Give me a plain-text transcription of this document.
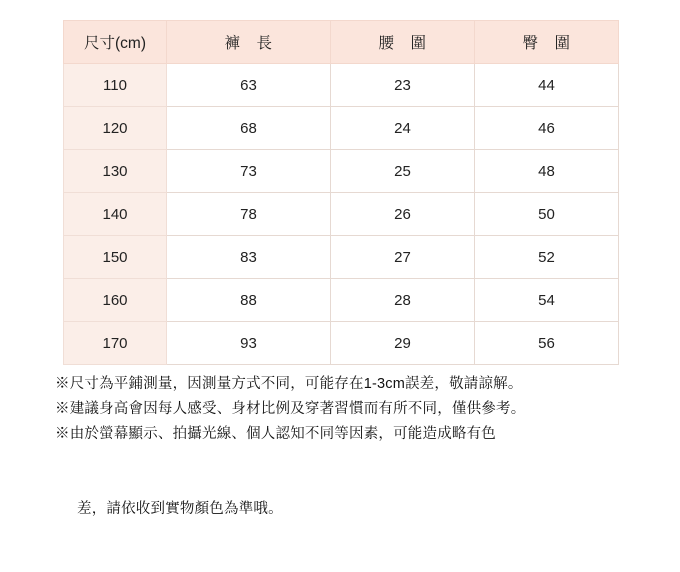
尺寸(cm)	褲　長	腰　圍	臀　圍
110	63	23	44
120	68	24	46
130	73	25	48
140	78	26	50
150	83	27	52
160	88	28	54
170	93	29	56
※尺寸為平鋪測量，因測量方式不同，可能存在1-3cm誤差，敬請諒解。
※建議身高會因每人感受、身材比例及穿著習慣而有所不同，僅供參考。
※由於螢幕顯示、拍攝光線、個人認知不同等因素，可能造成略有色

差，請依收到實物顏色為準哦。
